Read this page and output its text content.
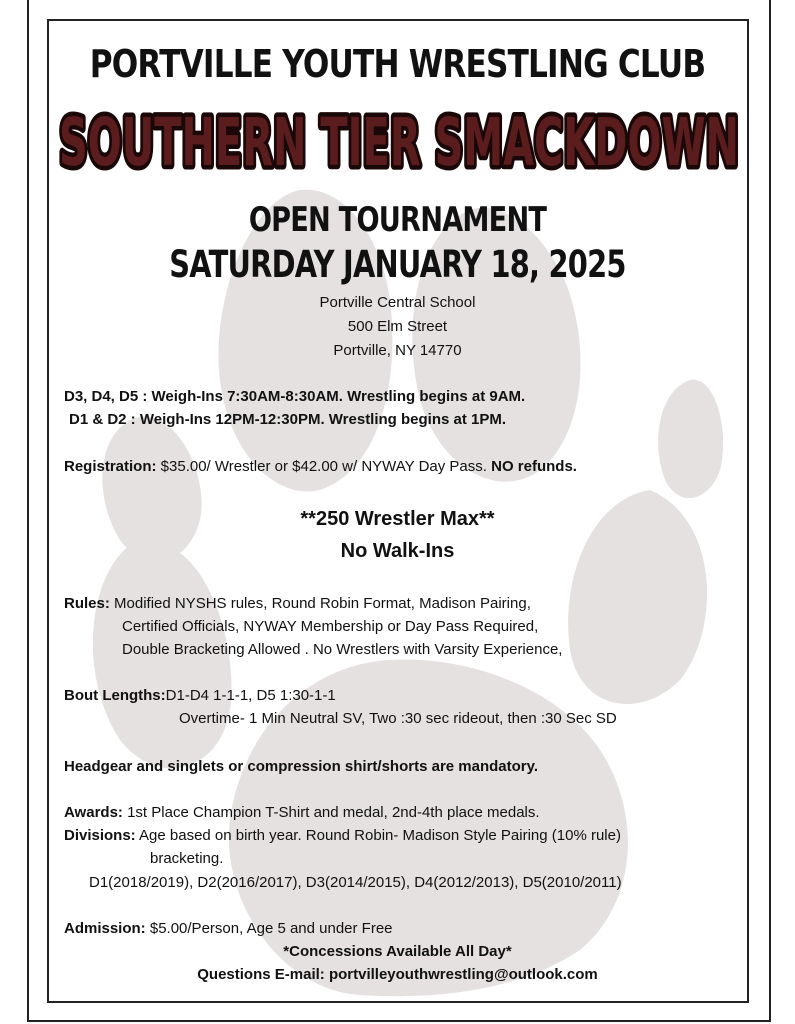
PORTVILLE YOUTH WRESTLING CLUB
SOUTHERN TIER SMACKDOWN
SOUTHERN TIER SMACKDOWN
OPEN TOURNAMENT
SATURDAY JANUARY 18, 2025
Portville Central School
500 Elm Street
Portville, NY 14770
D3, D4, D5 : Weigh-Ins 7:30AM-8:30AM. Wrestling begins at 9AM.
D1 & D2 : Weigh-Ins 12PM-12:30PM. Wrestling begins at 1PM.
Registration: $35.00/ Wrestler or $42.00 w/ NYWAY Day Pass. NO refunds.
**250 Wrestler Max**
No Walk-Ins
Rules: Modified NYSHS rules, Round Robin Format, Madison Pairing,
Certified Officials, NYWAY Membership or Day Pass Required,
Double Bracketing Allowed . No Wrestlers with Varsity Experience,
Bout Lengths:D1-D4 1-1-1, D5 1:30-1-1
Overtime- 1 Min Neutral SV, Two :30 sec rideout, then :30 Sec SD
Headgear and singlets or compression shirt/shorts are mandatory.
Awards: 1st Place Champion T-Shirt and medal, 2nd-4th place medals.
Divisions: Age based on birth year. Round Robin- Madison Style Pairing (10% rule)
bracketing.
D1(2018/2019), D2(2016/2017), D3(2014/2015), D4(2012/2013), D5(2010/2011)
Admission: $5.00/Person, Age 5 and under Free
*Concessions Available All Day*
Questions E-mail: portvilleyouthwrestling@outlook.com
